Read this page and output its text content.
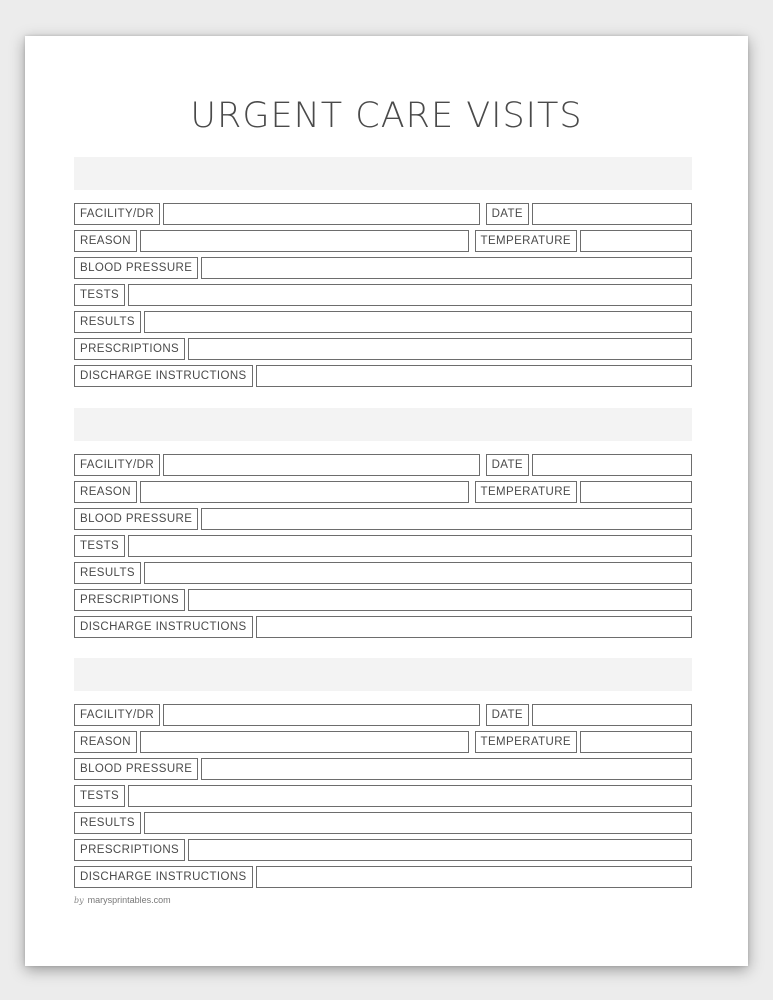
URGENT CARE VISITS
FACILITY/DR	DATE
REASON	TEMPERATURE
BLOOD PRESSURE
TESTS
RESULTS
PRESCRIPTIONS
DISCHARGE INSTRUCTIONS
FACILITY/DR	DATE
REASON	TEMPERATURE
BLOOD PRESSURE
TESTS
RESULTS
PRESCRIPTIONS
DISCHARGE INSTRUCTIONS
FACILITY/DR	DATE
REASON	TEMPERATURE
BLOOD PRESSURE
TESTS
RESULTS
PRESCRIPTIONS
DISCHARGE INSTRUCTIONS
by marysprintables.com
